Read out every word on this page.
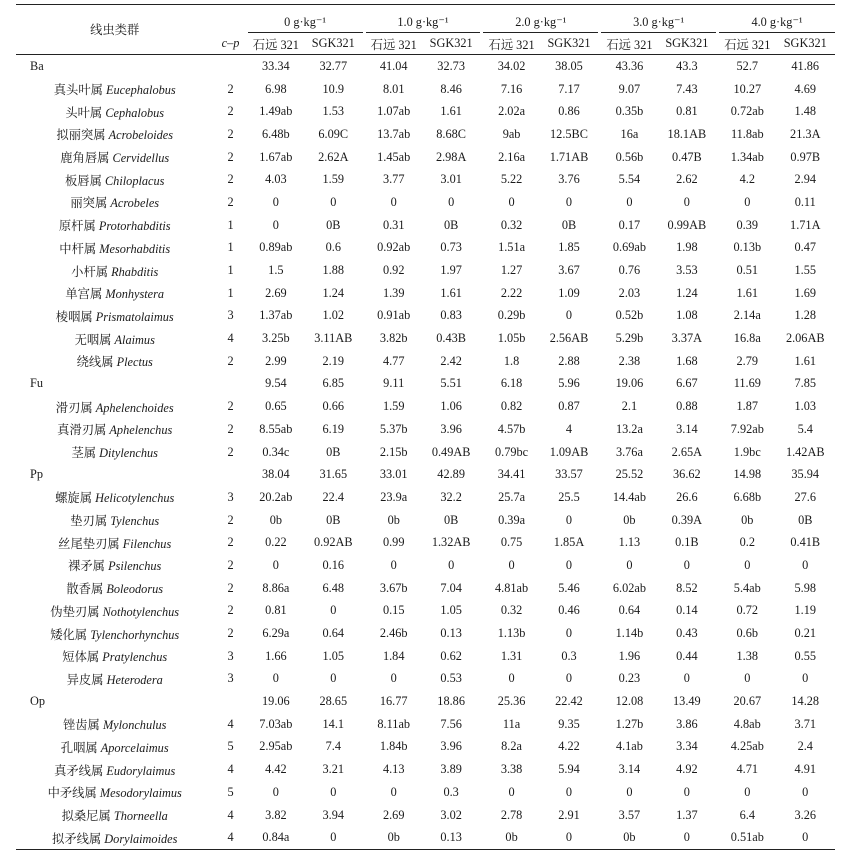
线虫类群		0 g·kg⁻¹			1.0 g·kg⁻¹			2.0 g·kg⁻¹			3.0 g·kg⁻¹			4.0 g·kg⁻¹	
	c–p	石远 321	SGK321		石远 321	SGK321		石远 321	SGK321		石远 321	SGK321		石远 321	SGK321
Ba		33.34	32.77		41.04	32.73		34.02	38.05		43.36	43.3		52.7	41.86
真头叶属 Eucephalobus	2	6.98	10.9		8.01	8.46		7.16	7.17		9.07	7.43		10.27	4.69
头叶属 Cephalobus	2	1.49ab	1.53		1.07ab	1.61		2.02a	0.86		0.35b	0.81		0.72ab	1.48
拟丽突属 Acrobeloides	2	6.48b	6.09C		13.7ab	8.68C		9ab	12.5BC		16a	18.1AB		11.8ab	21.3A
鹿角唇属 Cervidellus	2	1.67ab	2.62A		1.45ab	2.98A		2.16a	1.71AB		0.56b	0.47B		1.34ab	0.97B
板唇属 Chiloplacus	2	4.03	1.59		3.77	3.01		5.22	3.76		5.54	2.62		4.2	2.94
丽突属 Acrobeles	2	0	0		0	0		0	0		0	0		0	0.11
原杆属 Protorhabditis	1	0	0B		0.31	0B		0.32	0B		0.17	0.99AB		0.39	1.71A
中杆属 Mesorhabditis	1	0.89ab	0.6		0.92ab	0.73		1.51a	1.85		0.69ab	1.98		0.13b	0.47
小杆属 Rhabditis	1	1.5	1.88		0.92	1.97		1.27	3.67		0.76	3.53		0.51	1.55
单宫属 Monhystera	1	2.69	1.24		1.39	1.61		2.22	1.09		2.03	1.24		1.61	1.69
棱咽属 Prismatolaimus	3	1.37ab	1.02		0.91ab	0.83		0.29b	0		0.52b	1.08		2.14a	1.28
无咽属 Alaimus	4	3.25b	3.11AB		3.82b	0.43B		1.05b	2.56AB		5.29b	3.37A		16.8a	2.06AB
绕线属 Plectus	2	2.99	2.19		4.77	2.42		1.8	2.88		2.38	1.68		2.79	1.61
Fu		9.54	6.85		9.11	5.51		6.18	5.96		19.06	6.67		11.69	7.85
滑刃属 Aphelenchoides	2	0.65	0.66		1.59	1.06		0.82	0.87		2.1	0.88		1.87	1.03
真滑刃属 Aphelenchus	2	8.55ab	6.19		5.37b	3.96		4.57b	4		13.2a	3.14		7.92ab	5.4
茎属 Ditylenchus	2	0.34c	0B		2.15b	0.49AB		0.79bc	1.09AB		3.76a	2.65A		1.9bc	1.42AB
Pp		38.04	31.65		33.01	42.89		34.41	33.57		25.52	36.62		14.98	35.94
螺旋属 Helicotylenchus	3	20.2ab	22.4		23.9a	32.2		25.7a	25.5		14.4ab	26.6		6.68b	27.6
垫刃属 Tylenchus	2	0b	0B		0b	0B		0.39a	0		0b	0.39A		0b	0B
丝尾垫刃属 Filenchus	2	0.22	0.92AB		0.99	1.32AB		0.75	1.85A		1.13	0.1B		0.2	0.41B
裸矛属 Psilenchus	2	0	0.16		0	0		0	0		0	0		0	0
散香属 Boleodorus	2	8.86a	6.48		3.67b	7.04		4.81ab	5.46		6.02ab	8.52		5.4ab	5.98
伪垫刃属 Nothotylenchus	2	0.81	0		0.15	1.05		0.32	0.46		0.64	0.14		0.72	1.19
矮化属 Tylenchorhynchus	2	6.29a	0.64		2.46b	0.13		1.13b	0		1.14b	0.43		0.6b	0.21
短体属 Pratylenchus	3	1.66	1.05		1.84	0.62		1.31	0.3		1.96	0.44		1.38	0.55
异皮属 Heterodera	3	0	0		0	0.53		0	0		0.23	0		0	0
Op		19.06	28.65		16.77	18.86		25.36	22.42		12.08	13.49		20.67	14.28
锉齿属 Mylonchulus	4	7.03ab	14.1		8.11ab	7.56		11a	9.35		1.27b	3.86		4.8ab	3.71
孔咽属 Aporcelaimus	5	2.95ab	7.4		1.84b	3.96		8.2a	4.22		4.1ab	3.34		4.25ab	2.4
真矛线属 Eudorylaimus	4	4.42	3.21		4.13	3.89		3.38	5.94		3.14	4.92		4.71	4.91
中矛线属 Mesodorylaimus	5	0	0		0	0.3		0	0		0	0		0	0
拟桑尼属 Thorneella	4	3.82	3.94		2.69	3.02		2.78	2.91		3.57	1.37		6.4	3.26
拟矛线属 Dorylaimoides	4	0.84a	0		0b	0.13		0b	0		0b	0		0.51ab	0
